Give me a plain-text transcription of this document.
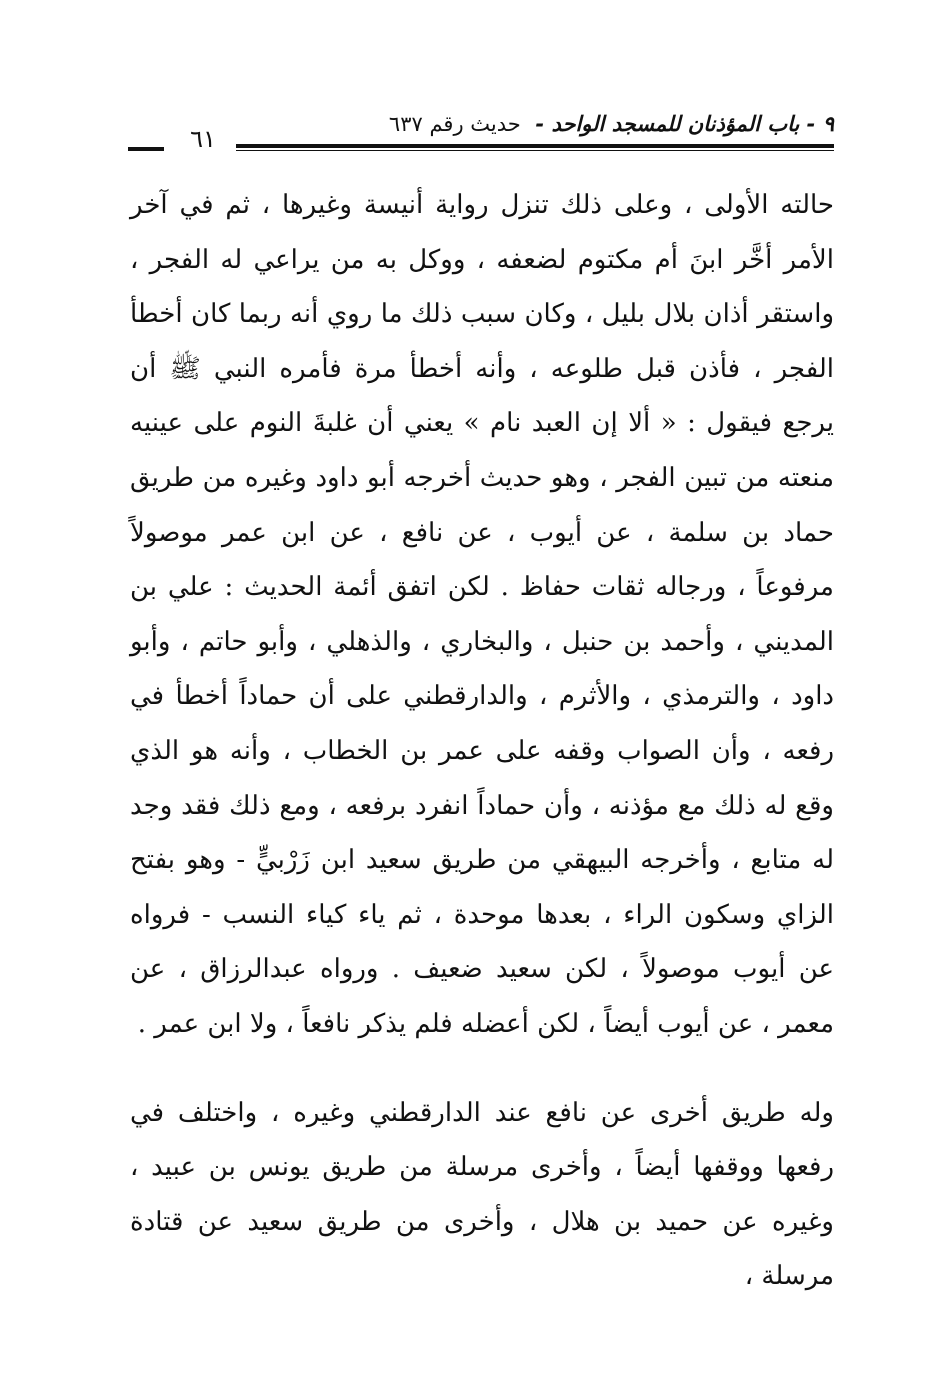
٩ - باب المؤذنان للمسجد الواحد - حديث رقم ٦٣٧
٦١

حالته الأولى ، وعلى ذلك تنزل رواية أنيسة وغيرها ، ثم في آخر الأمر أخَّر ابنَ أم مكتوم لضعفه ، ووكل به من يراعي له الفجر ، واستقر أذان بلال بليل ، وكان سبب ذلك ما روي أنه ربما كان أخطأ الفجر ، فأذن قبل طلوعه ، وأنه أخطأ مرة فأمره النبي ﷺ أن يرجع فيقول : « ألا إن العبد نام » يعني أن غلبةَ النوم على عينيه منعته من تبين الفجر ، وهو حديث أخرجه أبو داود وغيره من طريق حماد بن سلمة ، عن أيوب ، عن نافع ، عن ابن عمر موصولاً مرفوعاً ، ورجاله ثقات حفاظ . لكن اتفق أئمة الحديث : علي بن المديني ، وأحمد بن حنبل ، والبخاري ، والذهلي ، وأبو حاتم ، وأبو داود ، والترمذي ، والأثرم ، والدارقطني على أن حماداً أخطأ في رفعه ، وأن الصواب وقفه على عمر بن الخطاب ، وأنه هو الذي وقع له ذلك مع مؤذنه ، وأن حماداً انفرد برفعه ، ومع ذلك فقد وجد له متابع ، وأخرجه البيهقي من طريق سعيد ابن زَرْبيٍّ - وهو بفتح الزاي وسكون الراء ، بعدها موحدة ، ثم ياء كياء النسب - فرواه عن أيوب موصولاً ، لكن سعيد ضعيف . ورواه عبدالرزاق ، عن معمر ، عن أيوب أيضاً ، لكن أعضله فلم يذكر نافعاً ، ولا ابن عمر .

وله طريق أخرى عن نافع عند الدارقطني وغيره ، واختلف في رفعها ووقفها أيضاً ، وأخرى مرسلة من طريق يونس بن عبيد ، وغيره عن حميد بن هلال ، وأخرى من طريق سعيد عن قتادة مرسلة ،
